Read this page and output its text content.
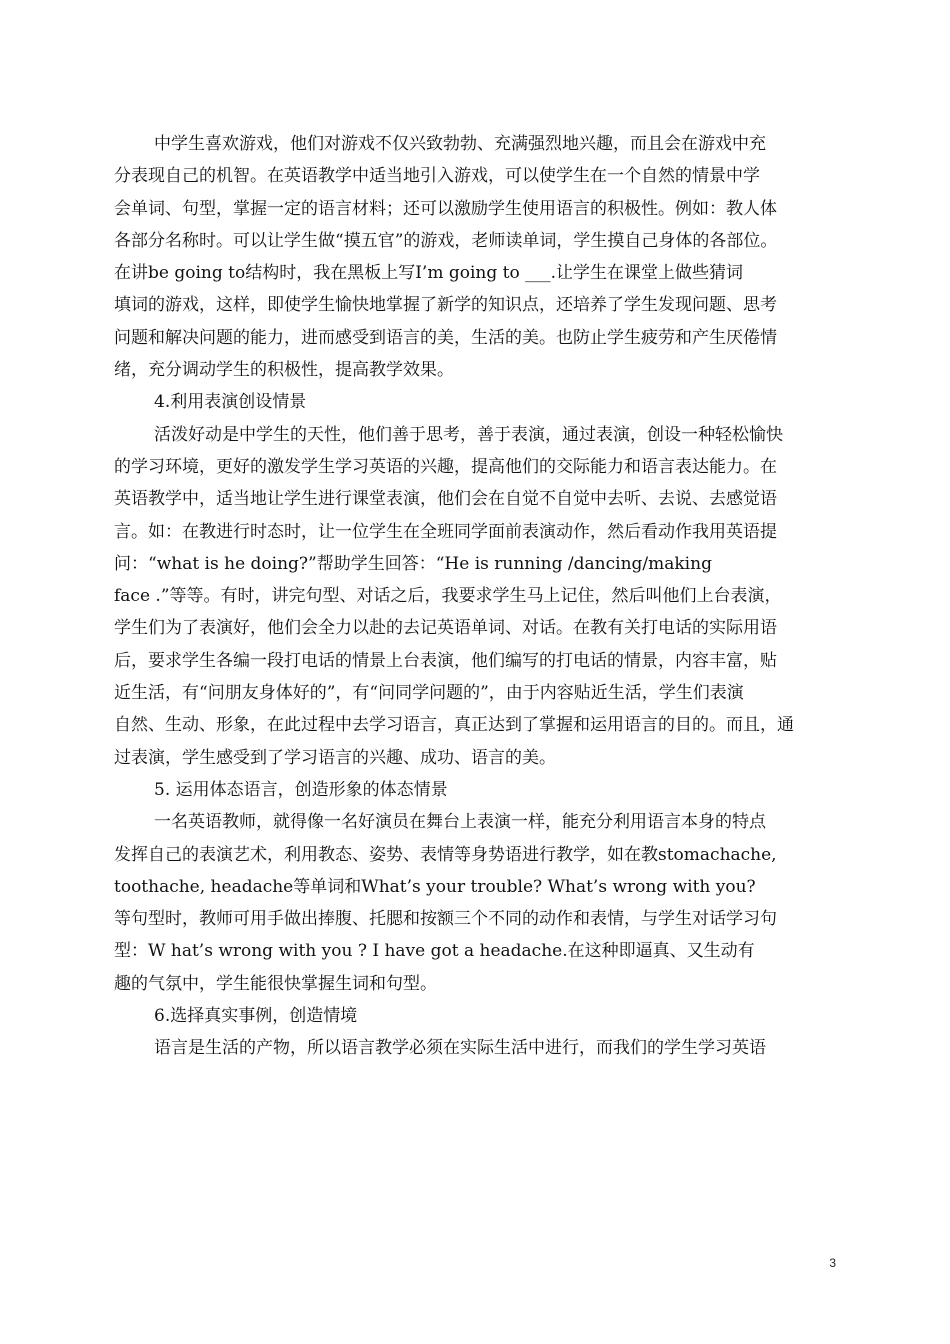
中学生喜欢游戏，他们对游戏不仅兴致勃勃、充满强烈地兴趣，而且会在游戏中充
分表现自己的机智。在英语教学中适当地引入游戏，可以使学生在一个自然的情景中学
会单词、句型，掌握一定的语言材料；还可以激励学生使用语言的积极性。例如：教人体
各部分名称时。可以让学生做“摸五官”的游戏，老师读单词，学生摸自己身体的各部位。
在讲be going to结构时，我在黑板上写I’m going to ___.让学生在课堂上做些猜词
填词的游戏，这样，即使学生愉快地掌握了新学的知识点，还培养了学生发现问题、思考
问题和解决问题的能力，进而感受到语言的美，生活的美。也防止学生疲劳和产生厌倦情
绪，充分调动学生的积极性，提高教学效果。
4.利用表演创设情景
活泼好动是中学生的天性，他们善于思考，善于表演，通过表演，创设一种轻松愉快
的学习环境，更好的激发学生学习英语的兴趣，提高他们的交际能力和语言表达能力。在
英语教学中，适当地让学生进行课堂表演，他们会在自觉不自觉中去听、去说、去感觉语
言。如：在教进行时态时，让一位学生在全班同学面前表演动作，然后看动作我用英语提
问：“what is he doing?”帮助学生回答：“He is running /dancing/making
face .”等等。有时，讲完句型、对话之后，我要求学生马上记住，然后叫他们上台表演，
学生们为了表演好，他们会全力以赴的去记英语单词、对话。在教有关打电话的实际用语
后，要求学生各编一段打电话的情景上台表演，他们编写的打电话的情景，内容丰富，贴
近生活，有“问朋友身体好的”，有“问同学问题的”，由于内容贴近生活，学生们表演
自然、生动、形象，在此过程中去学习语言，真正达到了掌握和运用语言的目的。而且，通
过表演，学生感受到了学习语言的兴趣、成功、语言的美。
5. 运用体态语言，创造形象的体态情景
一名英语教师，就得像一名好演员在舞台上表演一样，能充分利用语言本身的特点
发挥自己的表演艺术，利用教态、姿势、表情等身势语进行教学，如在教stomachache,
toothache, headache等单词和What’s your trouble? What’s wrong with you?
等句型时，教师可用手做出捧腹、托腮和按额三个不同的动作和表情，与学生对话学习句
型：W hat’s wrong with you ? I have got a headache.在这种即逼真、又生动有
趣的气氛中，学生能很快掌握生词和句型。
6.选择真实事例，创造情境
语言是生活的产物，所以语言教学必须在实际生活中进行，而我们的学生学习英语
3
